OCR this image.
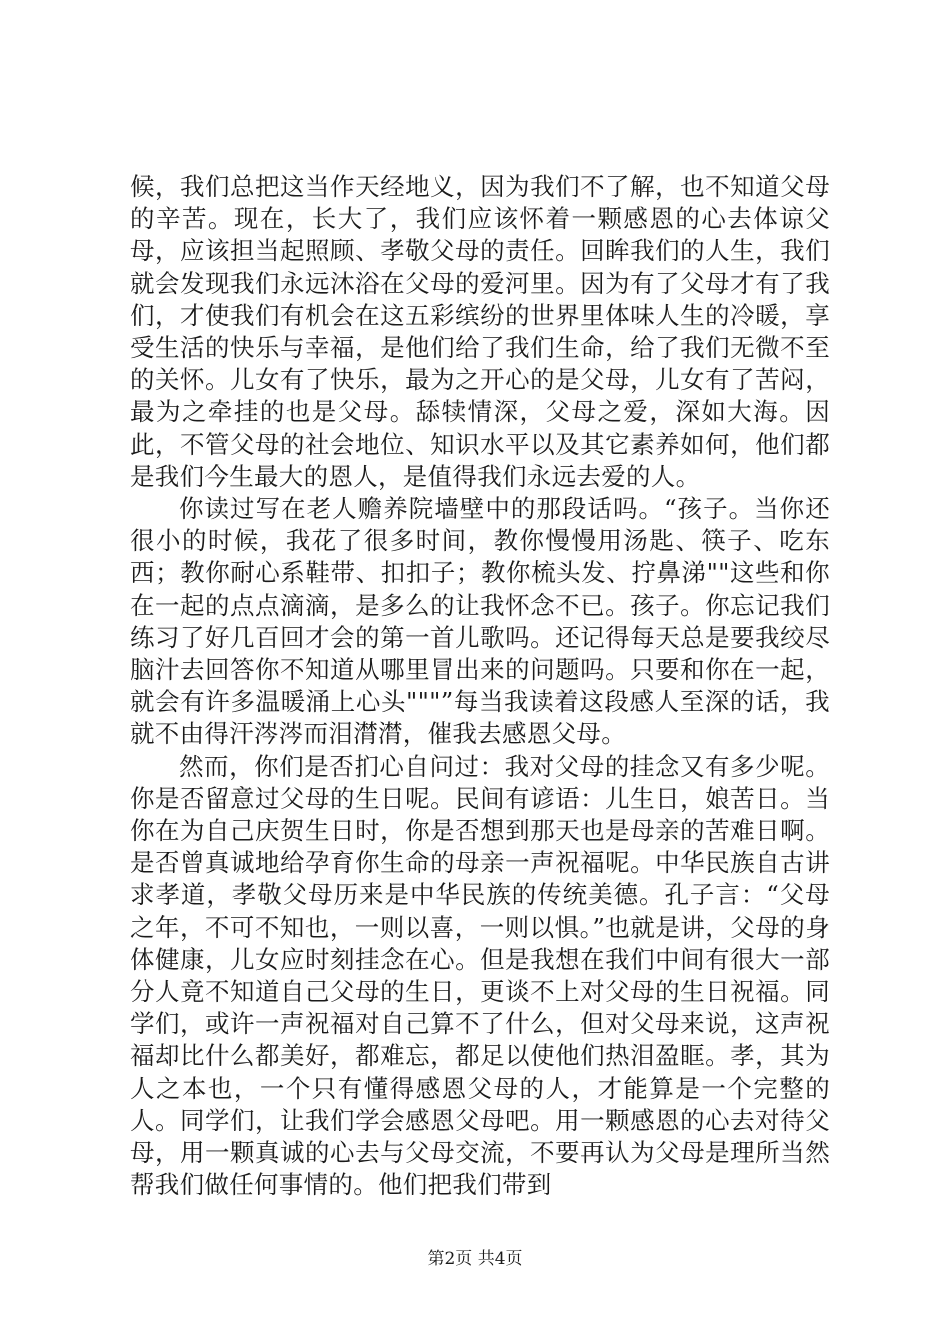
候，我们总把这当作天经地义，因为我们不了解，也不知道父母的辛苦。现在，长大了，我们应该怀着一颗感恩的心去体谅父母，应该担当起照顾、孝敬父母的责任。回眸我们的人生，我们就会发现我们永远沐浴在父母的爱河里。因为有了父母才有了我们，才使我们有机会在这五彩缤纷的世界里体味人生的冷暖，享受生活的快乐与幸福，是他们给了我们生命，给了我们无微不至的关怀。儿女有了快乐，最为之开心的是父母，儿女有了苦闷，最为之牵挂的也是父母。舔犊情深，父母之爱，深如大海。因此，不管父母的社会地位、知识水平以及其它素养如何，他们都是我们今生最大的恩人，是值得我们永远去爱的人。

你读过写在老人赡养院墙壁中的那段话吗。“孩子。当你还很小的时候，我花了很多时间，教你慢慢用汤匙、筷子、吃东西；教你耐心系鞋带、扣扣子；教你梳头发、拧鼻涕""这些和你在一起的点点滴滴，是多么的让我怀念不已。孩子。你忘记我们练习了好几百回才会的第一首儿歌吗。还记得每天总是要我绞尽脑汁去回答你不知道从哪里冒出来的问题吗。只要和你在一起，就会有许多温暖涌上心头"""”每当我读着这段感人至深的话，我就不由得汗涔涔而泪潸潸，催我去感恩父母。

然而，你们是否扪心自问过：我对父母的挂念又有多少呢。你是否留意过父母的生日呢。民间有谚语：儿生日，娘苦日。当你在为自己庆贺生日时，你是否想到那天也是母亲的苦难日啊。是否曾真诚地给孕育你生命的母亲一声祝福呢。中华民族自古讲求孝道，孝敬父母历来是中华民族的传统美德。孔子言：“父母之年，不可不知也，一则以喜，一则以惧。”也就是讲，父母的身体健康，儿女应时刻挂念在心。但是我想在我们中间有很大一部分人竟不知道自己父母的生日，更谈不上对父母的生日祝福。同学们，或许一声祝福对自己算不了什么，但对父母来说，这声祝福却比什么都美好，都难忘，都足以使他们热泪盈眶。孝，其为人之本也，一个只有懂得感恩父母的人，才能算是一个完整的人。同学们，让我们学会感恩父母吧。用一颗感恩的心去对待父母，用一颗真诚的心去与父母交流，不要再认为父母是理所当然帮我们做任何事情的。他们把我们带到

第2页 共4页
